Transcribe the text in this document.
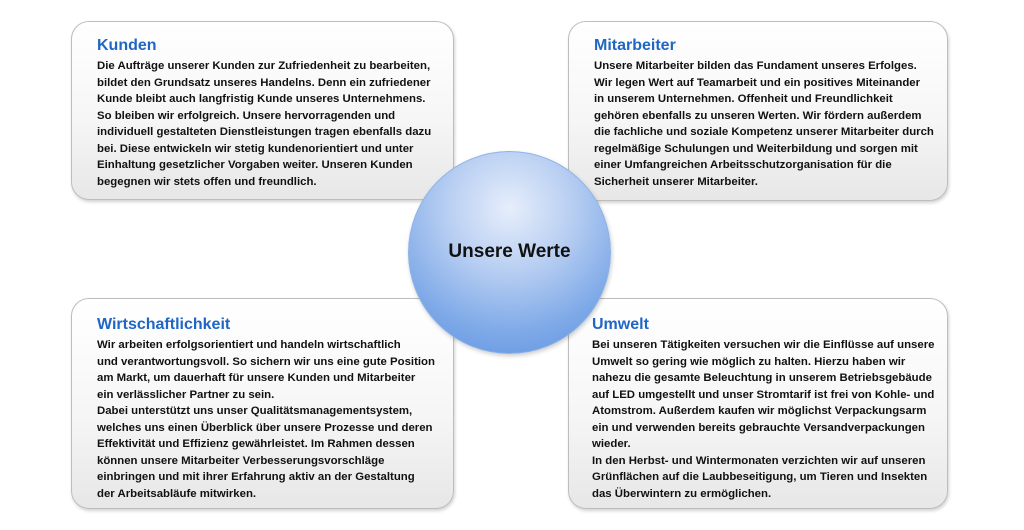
Kunden

Die Aufträge unserer Kunden zur Zufriedenheit zu bearbeiten,

bildet den Grundsatz unseres Handelns. Denn ein zufriedener

Kunde bleibt auch langfristig Kunde unseres Unternehmens.

So bleiben wir erfolgreich. Unsere hervorragenden und

individuell gestalteten Dienstleistungen tragen ebenfalls dazu

bei. Diese entwickeln wir stetig kundenorientiert und unter

Einhaltung gesetzlicher Vorgaben weiter. Unseren Kunden

begegnen wir stets offen und freundlich.

Mitarbeiter

Unsere Mitarbeiter bilden das Fundament unseres Erfolges.

Wir legen Wert auf Teamarbeit und ein positives Miteinander

in unserem Unternehmen. Offenheit und Freundlichkeit

gehören ebenfalls zu unseren Werten. Wir fördern außerdem

die fachliche und soziale Kompetenz unserer Mitarbeiter durch

regelmäßige Schulungen und Weiterbildung und sorgen mit

einer Umfangreichen Arbeitsschutzorganisation für die

Sicherheit unserer Mitarbeiter.

Wirtschaftlichkeit

Wir arbeiten erfolgsorientiert und handeln wirtschaftlich

und verantwortungsvoll. So sichern wir uns eine gute Position

am Markt, um dauerhaft für unsere Kunden und Mitarbeiter

ein verlässlicher Partner zu sein.

Dabei unterstützt uns unser Qualitätsmanagementsystem,

welches uns einen Überblick über unsere Prozesse und deren

Effektivität und Effizienz gewährleistet. Im Rahmen dessen

können unsere Mitarbeiter Verbesserungsvorschläge

einbringen und mit ihrer Erfahrung aktiv an der Gestaltung

der Arbeitsabläufe mitwirken.

Umwelt

Bei unseren Tätigkeiten versuchen wir die Einflüsse auf unsere

Umwelt so gering wie möglich zu halten. Hierzu haben wir

nahezu die gesamte Beleuchtung in unserem Betriebsgebäude

auf LED umgestellt und unser Stromtarif ist frei von Kohle- und

Atomstrom. Außerdem kaufen wir möglichst Verpackungsarm

ein und verwenden bereits gebrauchte Versandverpackungen

wieder.

In den Herbst- und Wintermonaten verzichten wir auf unseren

Grünflächen auf die Laubbeseitigung, um Tieren und Insekten

das Überwintern zu ermöglichen.

Unsere Werte
